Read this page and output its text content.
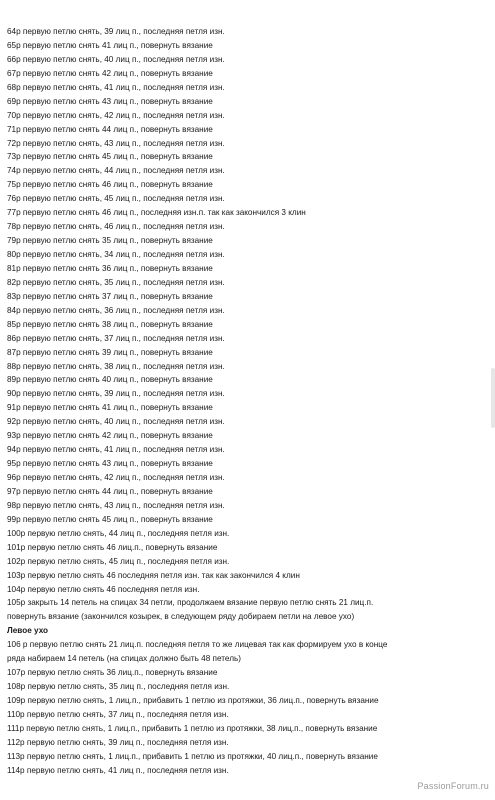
64р первую петлю снять, 39 лиц п., последняя петля изн.
65р первую петлю снять 41 лиц п., повернуть вязание
66р первую петлю снять, 40 лиц п., последняя петля изн.
67р первую петлю снять 42 лиц п., повернуть вязание
68р первую петлю снять, 41 лиц п., последняя петля изн.
69р первую петлю снять 43 лиц п., повернуть вязание
70р первую петлю снять, 42 лиц п., последняя петля изн.
71р первую петлю снять 44 лиц п., повернуть вязание
72р первую петлю снять, 43 лиц п., последняя петля изн.
73р первую петлю снять 45 лиц п., повернуть вязание
74р первую петлю снять, 44 лиц п., последняя петля изн.
75р первую петлю снять 46 лиц п., повернуть вязание
76р первую петлю снять, 45 лиц п., последняя петля изн.
77р первую петлю снять 46 лиц п., последняя изн.п. так как закончился 3 клин
78р первую петлю снять, 46 лиц п., последняя петля изн.
79р первую петлю снять 35 лиц п., повернуть вязание
80р первую петлю снять, 34 лиц п., последняя петля изн.
81р первую петлю снять 36 лиц п., повернуть вязание
82р первую петлю снять, 35 лиц п., последняя петля изн.
83р первую петлю снять 37 лиц п., повернуть вязание
84р первую петлю снять, 36 лиц п., последняя петля изн.
85р первую петлю снять 38 лиц п., повернуть вязание
86р первую петлю снять, 37 лиц п., последняя петля изн.
87р первую петлю снять 39 лиц п., повернуть вязание
88р первую петлю снять, 38 лиц п., последняя петля изн.
89р первую петлю снять 40 лиц п., повернуть вязание
90р первую петлю снять, 39 лиц п., последняя петля изн.
91р первую петлю снять 41 лиц п., повернуть вязание
92р первую петлю снять, 40 лиц п., последняя петля изн.
93р первую петлю снять 42 лиц п., повернуть вязание
94р первую петлю снять, 41 лиц п., последняя петля изн.
95р первую петлю снять 43 лиц п., повернуть вязание
96р первую петлю снять, 42 лиц п., последняя петля изн.
97р первую петлю снять 44 лиц п., повернуть вязание
98р первую петлю снять, 43 лиц п., последняя петля изн.
99р первую петлю снять 45 лиц п., повернуть вязание
100р первую петлю снять, 44 лиц п., последняя петля изн.
101р первую петлю снять 46 лиц.п., повернуть вязание
102р первую петлю снять, 45 лиц п., последняя петля изн.
103р первую петлю снять 46 последняя петля изн. так как закончился 4 клин
104р первую петлю снять 46 последняя петля изн.
105р закрыть 14 петель на спицах 34 петли, продолжаем вязание первую петлю снять 21 лиц.п.
повернуть вязание (закончился козырек, в следующем ряду добираем петли на левое ухо)
Левое ухо
106 р первую петлю снять 21 лиц.п. последняя петля то же лицевая так как формируем ухо в конце
ряда набираем 14 петель (на спицах должно быть 48 петель)
107р первую петлю снять 36 лиц.п., повернуть вязание
108р первую петлю снять, 35 лиц п., последняя петля изн.
109р первую петлю снять, 1 лиц.п., прибавить 1 петлю из протяжки, 36 лиц.п., повернуть вязание
110р первую петлю снять, 37 лиц п., последняя петля изн.
111р первую петлю снять, 1 лиц.п., прибавить 1 петлю из протяжки, 38 лиц.п., повернуть вязание
112р первую петлю снять, 39 лиц п., последняя петля изн.
113р первую петлю снять, 1 лиц.п., прибавить 1 петлю из протяжки, 40 лиц.п., повернуть вязание
114р первую петлю снять, 41 лиц п., последняя петля изн.
PassionForum.ru
